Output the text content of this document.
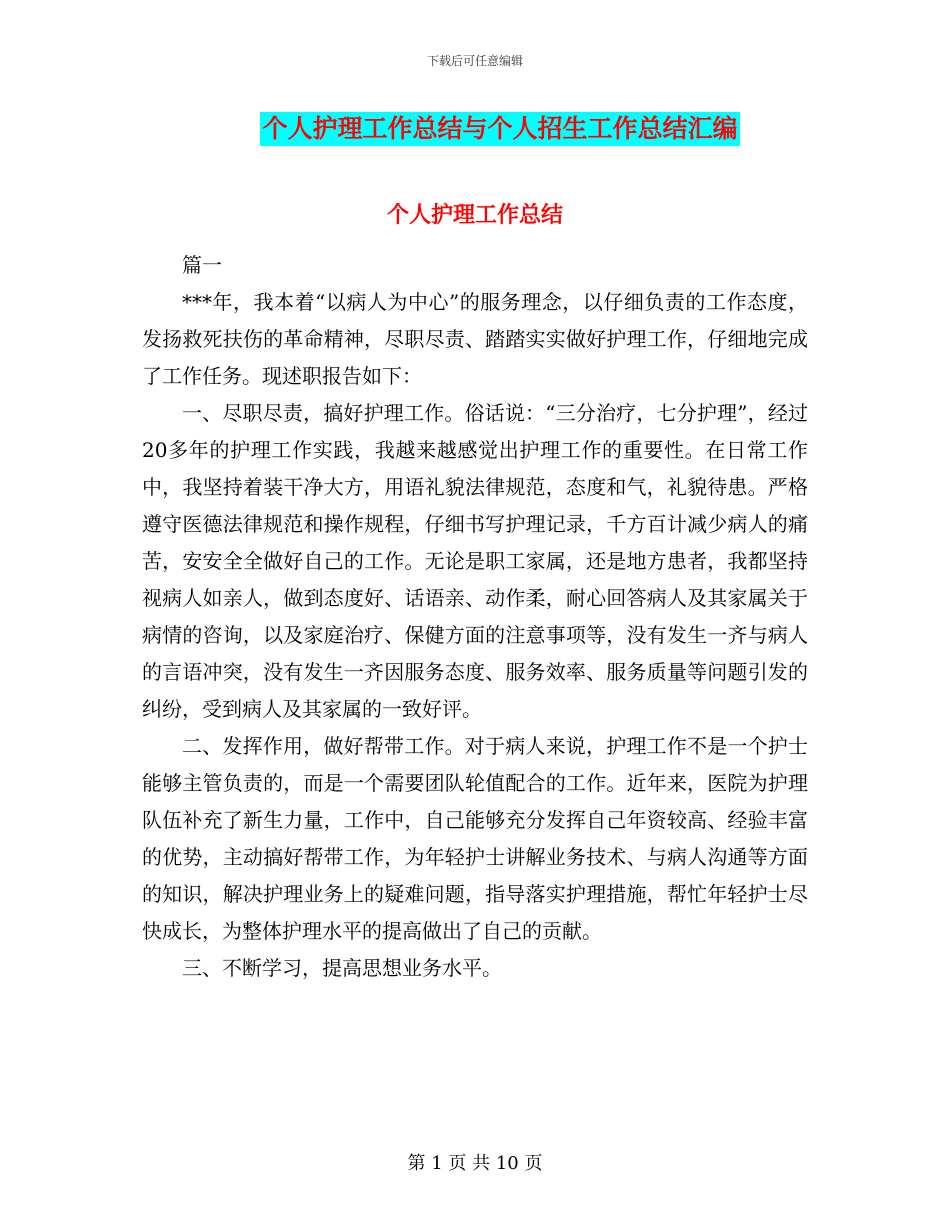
下载后可任意编辑
个人护理工作总结与个人招生工作总结汇编
个人护理工作总结

篇一

***年，我本着“以病人为中心”的服务理念，以仔细负责的工作态度，发扬救死扶伤的革命精神，尽职尽责、踏踏实实做好护理工作，仔细地完成了工作任务。现述职报告如下：

一、尽职尽责，搞好护理工作。俗话说：“三分治疗，七分护理”，经过20多年的护理工作实践，我越来越感觉出护理工作的重要性。在日常工作中，我坚持着装干净大方，用语礼貌法律规范，态度和气，礼貌待患。严格遵守医德法律规范和操作规程，仔细书写护理记录，千方百计减少病人的痛苦，安安全全做好自己的工作。无论是职工家属，还是地方患者，我都坚持视病人如亲人，做到态度好、话语亲、动作柔，耐心回答病人及其家属关于病情的咨询，以及家庭治疗、保健方面的注意事项等，没有发生一齐与病人的言语冲突，没有发生一齐因服务态度、服务效率、服务质量等问题引发的纠纷，受到病人及其家属的一致好评。

二、发挥作用，做好帮带工作。对于病人来说，护理工作不是一个护士能够主管负责的，而是一个需要团队轮值配合的工作。近年来，医院为护理队伍补充了新生力量，工作中，自己能够充分发挥自己年资较高、经验丰富的优势，主动搞好帮带工作，为年轻护士讲解业务技术、与病人沟通等方面的知识，解决护理业务上的疑难问题，指导落实护理措施，帮忙年轻护士尽快成长，为整体护理水平的提高做出了自己的贡献。

三、不断学习，提高思想业务水平。

第 1 页 共 10 页
